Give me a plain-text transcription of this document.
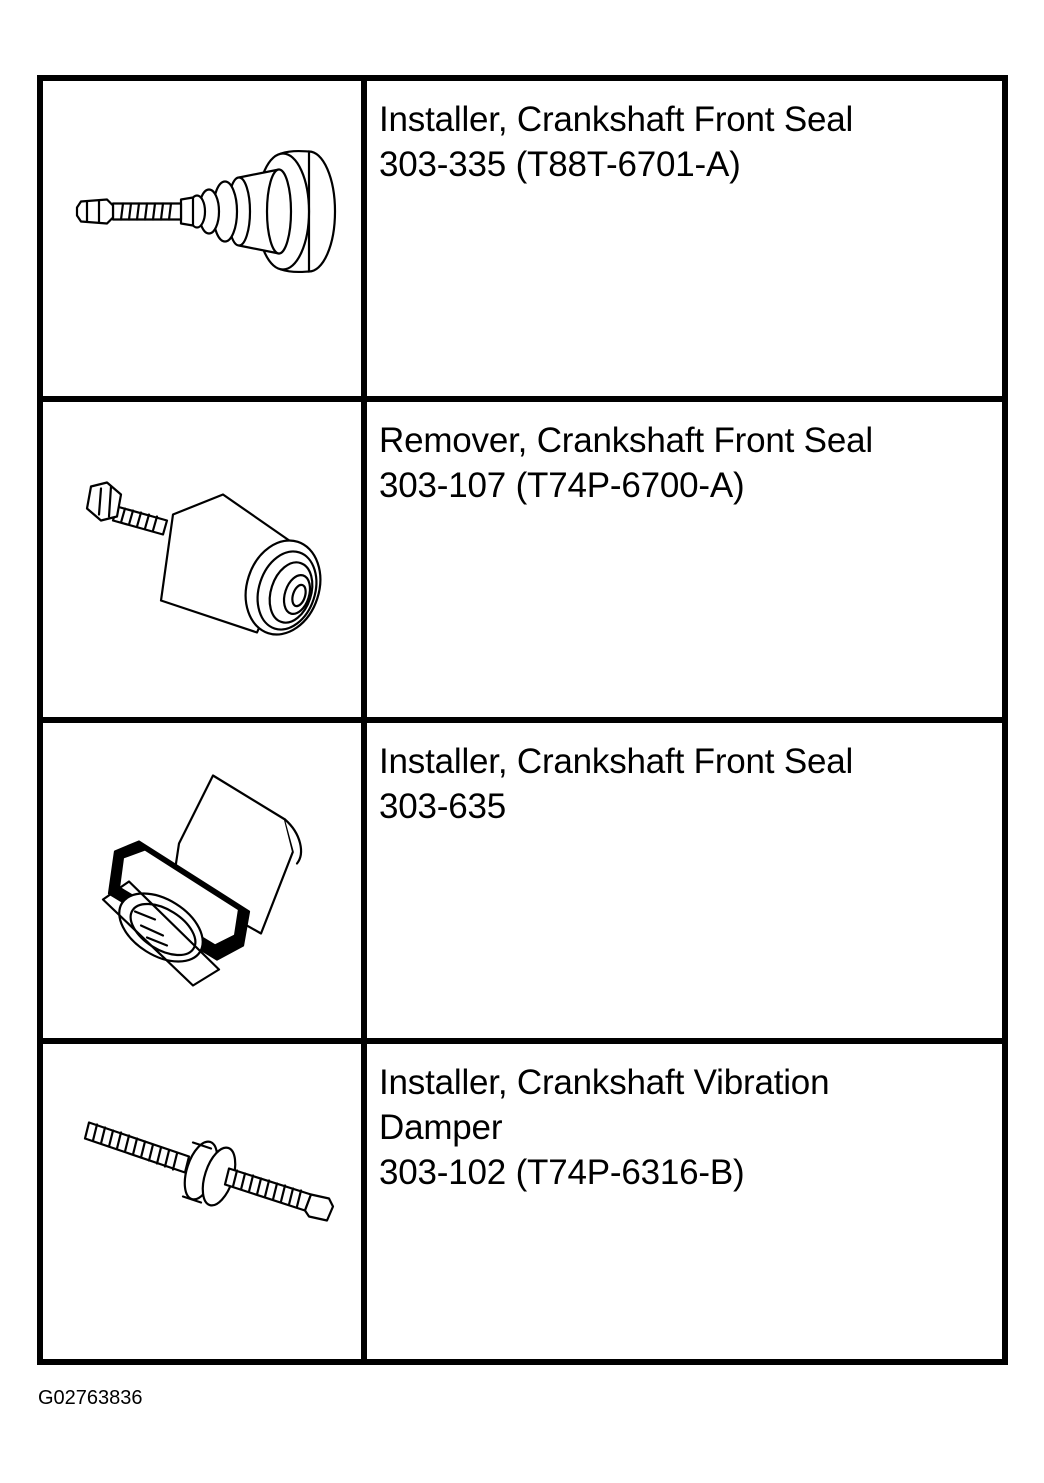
Installer, Crankshaft Front Seal
303-335 (T88T-6701-A)
Remover, Crankshaft Front Seal
303-107 (T74P-6700-A)
Installer, Crankshaft Front Seal
303-635
Installer, Crankshaft Vibration
Damper
303-102 (T74P-6316-B)
G02763836
